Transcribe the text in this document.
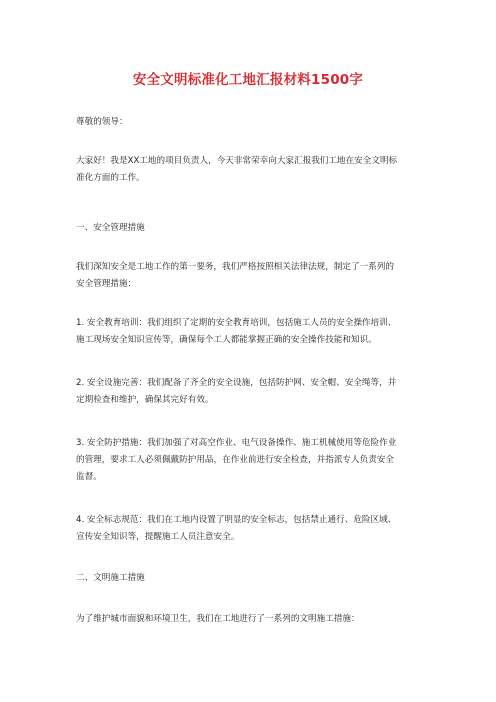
安全文明标准化工地汇报材料1500字
尊敬的领导：
大家好！我是XX工地的项目负责人，今天非常荣幸向大家汇报我们工地在安全文明标
准化方面的工作。
一、安全管理措施
我们深知安全是工地工作的第一要务，我们严格按照相关法律法规，制定了一系列的
安全管理措施：
1. 安全教育培训：我们组织了定期的安全教育培训，包括施工人员的安全操作培训、
施工现场安全知识宣传等，确保每个工人都能掌握正确的安全操作技能和知识。
2. 安全设施完善：我们配备了齐全的安全设施，包括防护网、安全帽、安全绳等，并
定期检查和维护，确保其完好有效。
3. 安全防护措施：我们加强了对高空作业、电气设备操作、施工机械使用等危险作业
的管理，要求工人必须佩戴防护用品，在作业前进行安全检查，并指派专人负责安全
监督。
4. 安全标志规范：我们在工地内设置了明显的安全标志，包括禁止通行、危险区域、
宣传安全知识等，提醒施工人员注意安全。
二、文明施工措施
为了维护城市面貌和环境卫生，我们在工地进行了一系列的文明施工措施：
